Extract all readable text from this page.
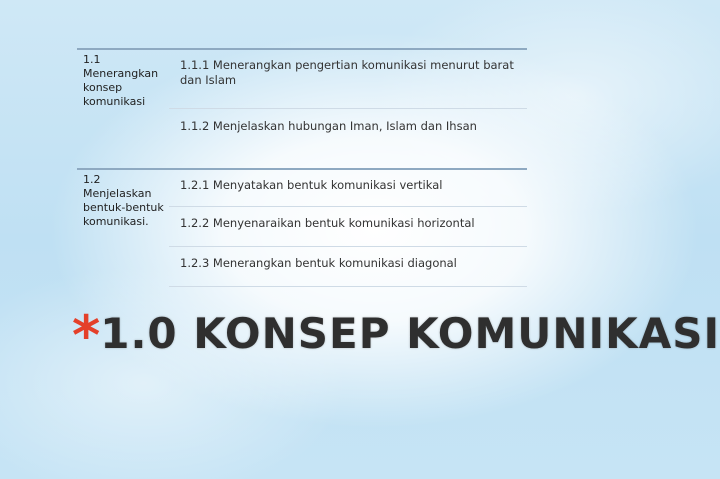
1.1 Menerangkan konsep komunikasi
1.1.1 Menerangkan pengertian komunikasi menurut barat dan Islam
1.1.2 Menjelaskan hubungan Iman, Islam dan Ihsan
1.2 Menjelaskan bentuk-bentuk komunikasi.
1.2.1 Menyatakan bentuk komunikasi vertikal
1.2.2 Menyenaraikan bentuk komunikasi horizontal
1.2.3 Menerangkan bentuk komunikasi diagonal
* 1.0 KONSEP KOMUNIKASI
